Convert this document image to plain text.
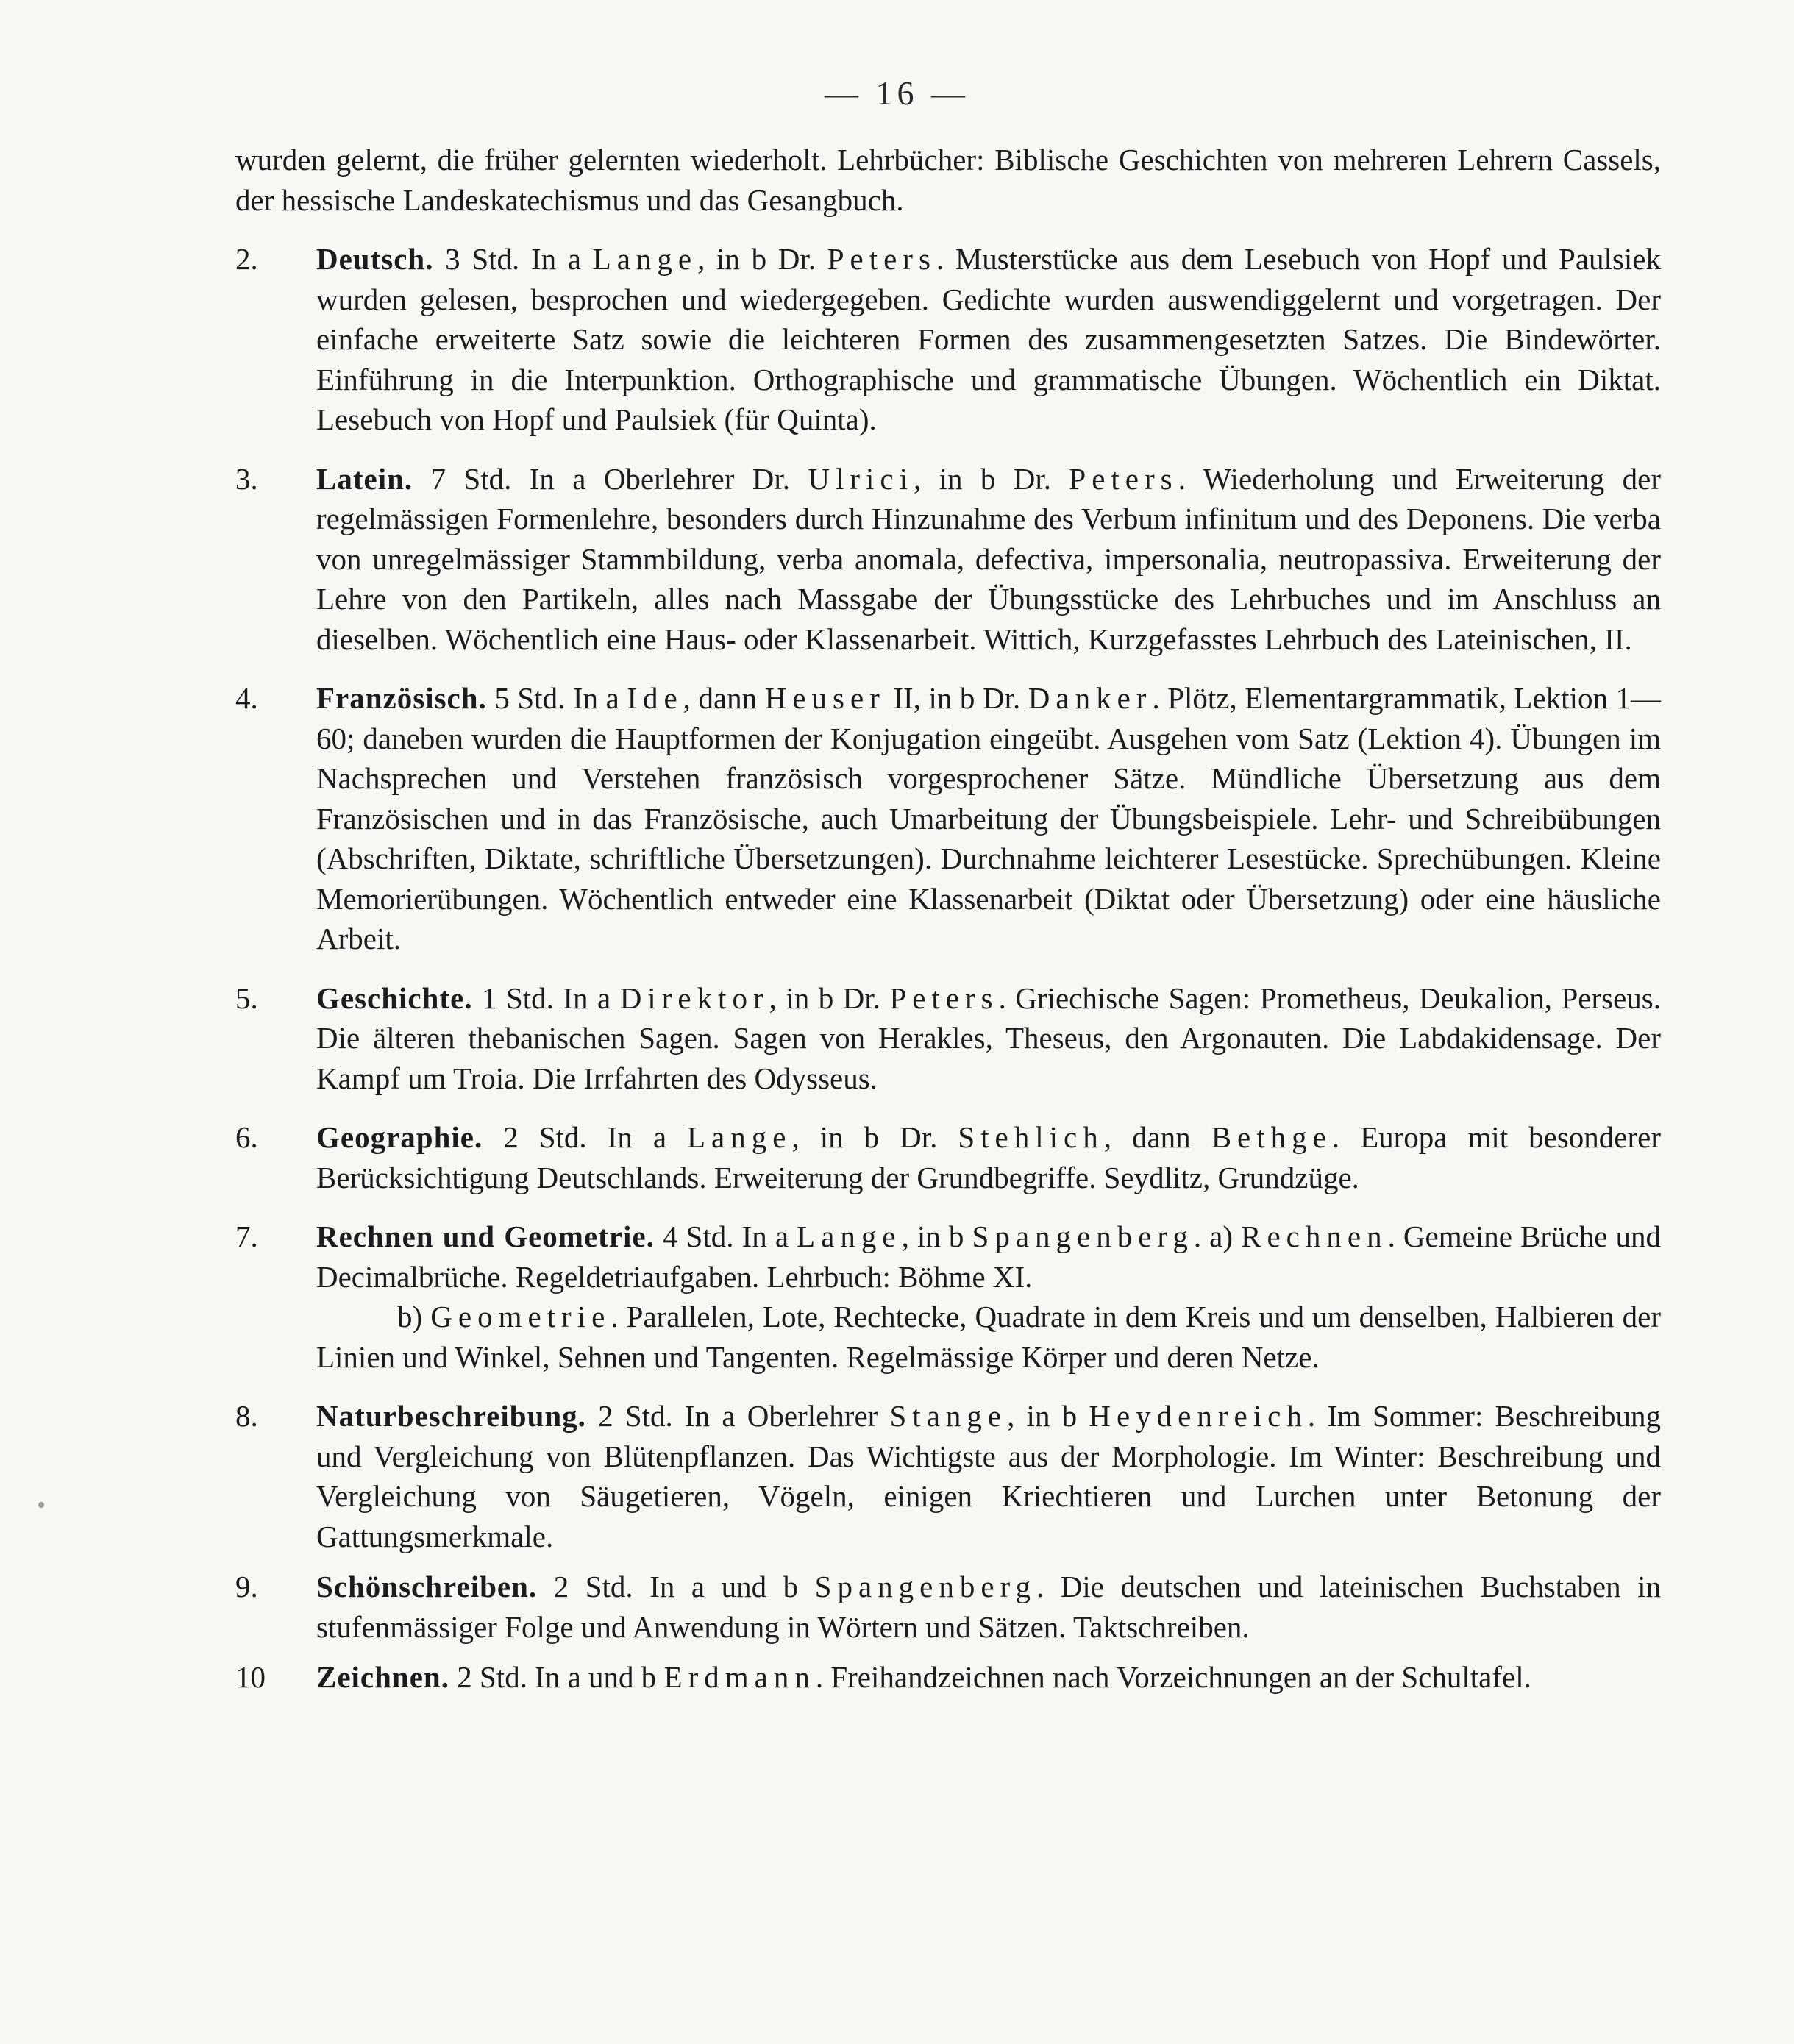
— 16 —
wurden gelernt, die früher gelernten wiederholt. Lehrbücher: Biblische Geschichten von mehreren Lehrern Cassels, der hessische Landeskatechismus und das Gesangbuch.
2. Deutsch. 3 Std. In a Lange, in b Dr. Peters. Musterstücke aus dem Lesebuch von Hopf und Paulsiek wurden gelesen, besprochen und wiedergegeben. Gedichte wurden auswendiggelernt und vorgetragen. Der einfache erweiterte Satz sowie die leichteren Formen des zusammengesetzten Satzes. Die Bindewörter. Einführung in die Interpunktion. Orthographische und grammatische Übungen. Wöchentlich ein Diktat. Lesebuch von Hopf und Paulsiek (für Quinta).
3. Latein. 7 Std. In a Oberlehrer Dr. Ulrici, in b Dr. Peters. Wiederholung und Erweiterung der regelmässigen Formenlehre, besonders durch Hinzunahme des Verbum infinitum und des Deponens. Die verba von unregelmässiger Stammbildung, verba anomala, defectiva, impersonalia, neutropassiva. Erweiterung der Lehre von den Partikeln, alles nach Massgabe der Übungsstücke des Lehrbuches und im Anschluss an dieselben. Wöchentlich eine Haus- oder Klassenarbeit. Wittich, Kurzgefasstes Lehrbuch des Lateinischen, II.
4. Französisch. 5 Std. In a Ide, dann Heuser II, in b Dr. Danker. Plötz, Elementargrammatik, Lektion 1—60; daneben wurden die Hauptformen der Konjugation eingeübt. Ausgehen vom Satz (Lektion 4). Übungen im Nachsprechen und Verstehen französisch vorgesprochener Sätze. Mündliche Übersetzung aus dem Französischen und in das Französische, auch Umarbeitung der Übungsbeispiele. Lehr- und Schreibübungen (Abschriften, Diktate, schriftliche Übersetzungen). Durchnahme leichterer Lesestücke. Sprechübungen. Kleine Memorierübungen. Wöchentlich entweder eine Klassenarbeit (Diktat oder Übersetzung) oder eine häusliche Arbeit.
5. Geschichte. 1 Std. In a Direktor, in b Dr. Peters. Griechische Sagen: Prometheus, Deukalion, Perseus. Die älteren thebanischen Sagen. Sagen von Herakles, Theseus, den Argonauten. Die Labdakidensage. Der Kampf um Troia. Die Irrfahrten des Odysseus.
6. Geographie. 2 Std. In a Lange, in b Dr. Stehlich, dann Bethge. Europa mit besonderer Berücksichtigung Deutschlands. Erweiterung der Grundbegriffe. Seydlitz, Grundzüge.
7. Rechnen und Geometrie. 4 Std. In a Lange, in b Spangenberg. a) Rechnen. Gemeine Brüche und Decimalbrüche. Regeldetriaufgaben. Lehrbuch: Böhme XI.
b) Geometrie. Parallelen, Lote, Rechtecke, Quadrate in dem Kreis und um denselben, Halbieren der Linien und Winkel, Sehnen und Tangenten. Regelmässige Körper und deren Netze.
8. Naturbeschreibung. 2 Std. In a Oberlehrer Stange, in b Heydenreich. Im Sommer: Beschreibung und Vergleichung von Blütenpflanzen. Das Wichtigste aus der Morphologie. Im Winter: Beschreibung und Vergleichung von Säugetieren, Vögeln, einigen Kriechtieren und Lurchen unter Betonung der Gattungsmerkmale.
9. Schönschreiben. 2 Std. In a und b Spangenberg. Die deutschen und lateinischen Buchstaben in stufenmässiger Folge und Anwendung in Wörtern und Sätzen. Taktschreiben.
10 Zeichnen. 2 Std. In a und b Erdmann. Freihandzeichnen nach Vorzeichnungen an der Schultafel.
